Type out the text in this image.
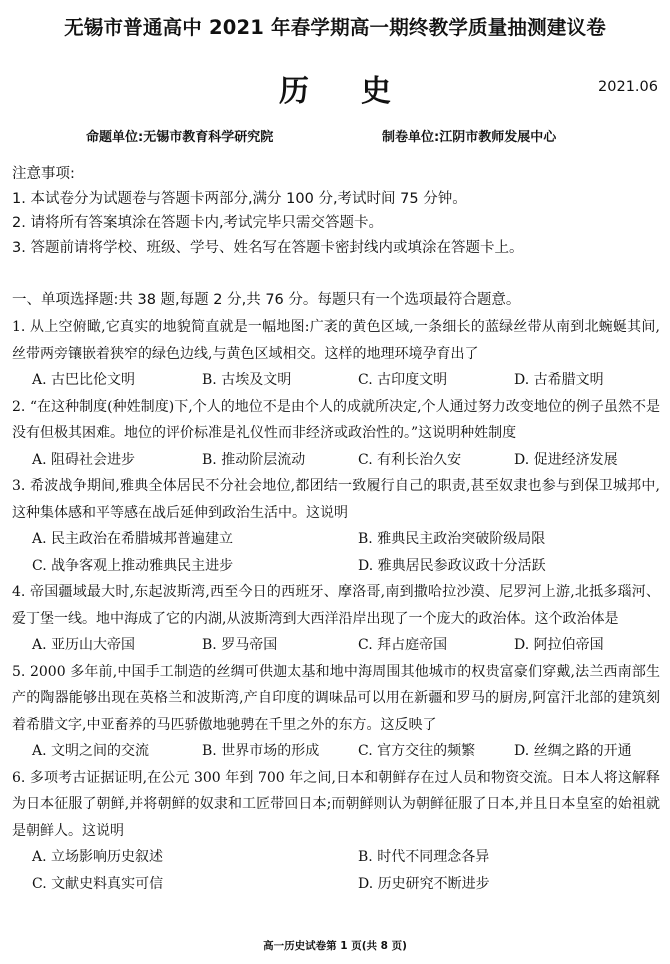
无锡市普通高中 2021 年春学期高一期终教学质量抽测建议卷
历史	2021.06
命题单位:无锡市教育科学研究院	制卷单位:江阴市教师发展中心
注意事项:
1. 本试卷分为试题卷与答题卡两部分,满分 100 分,考试时间 75 分钟。
2. 请将所有答案填涂在答题卡内,考试完毕只需交答题卡。
3. 答题前请将学校、班级、学号、姓名写在答题卡密封线内或填涂在答题卡上。
一、单项选择题:共 38 题,每题 2 分,共 76 分。每题只有一个选项最符合题意。
1. 从上空俯瞰,它真实的地貌简直就是一幅地图:广袤的黄色区域,一条细长的蓝绿丝带从南到北蜿蜒其间,丝带两旁镶嵌着狭窄的绿色边线,与黄色区域相交。这样的地理环境孕育出了
A. 古巴比伦文明	B. 古埃及文明	C. 古印度文明	D. 古希腊文明
2. “在这种制度(种姓制度)下,个人的地位不是由个人的成就所决定,个人通过努力改变地位的例子虽然不是没有但极其困难。地位的评价标准是礼仪性而非经济或政治性的。”这说明种姓制度
A. 阻碍社会进步	B. 推动阶层流动	C. 有利长治久安	D. 促进经济发展
3. 希波战争期间,雅典全体居民不分社会地位,都团结一致履行自己的职责,甚至奴隶也参与到保卫城邦中,这种集体感和平等感在战后延伸到政治生活中。这说明
A. 民主政治在希腊城邦普遍建立	B. 雅典民主政治突破阶级局限
C. 战争客观上推动雅典民主进步	D. 雅典居民参政议政十分活跃
4. 帝国疆域最大时,东起波斯湾,西至今日的西班牙、摩洛哥,南到撒哈拉沙漠、尼罗河上游,北抵多瑙河、爱丁堡一线。地中海成了它的内湖,从波斯湾到大西洋沿岸出现了一个庞大的政治体。这个政治体是
A. 亚历山大帝国	B. 罗马帝国	C. 拜占庭帝国	D. 阿拉伯帝国
5. 2000 多年前,中国手工制造的丝绸可供迦太基和地中海周围其他城市的权贵富豪们穿戴,法兰西南部生产的陶器能够出现在英格兰和波斯湾,产自印度的调味品可以用在新疆和罗马的厨房,阿富汗北部的建筑刻着希腊文字,中亚畜养的马匹骄傲地驰骋在千里之外的东方。这反映了
A. 文明之间的交流	B. 世界市场的形成	C. 官方交往的频繁	D. 丝绸之路的开通
6. 多项考古证据证明,在公元 300 年到 700 年之间,日本和朝鲜存在过人员和物资交流。日本人将这解释为日本征服了朝鲜,并将朝鲜的奴隶和工匠带回日本;而朝鲜则认为朝鲜征服了日本,并且日本皇室的始祖就是朝鲜人。这说明
A. 立场影响历史叙述	B. 时代不同理念各异
C. 文献史料真实可信	D. 历史研究不断进步
高一历史试卷第 1 页(共 8 页)
